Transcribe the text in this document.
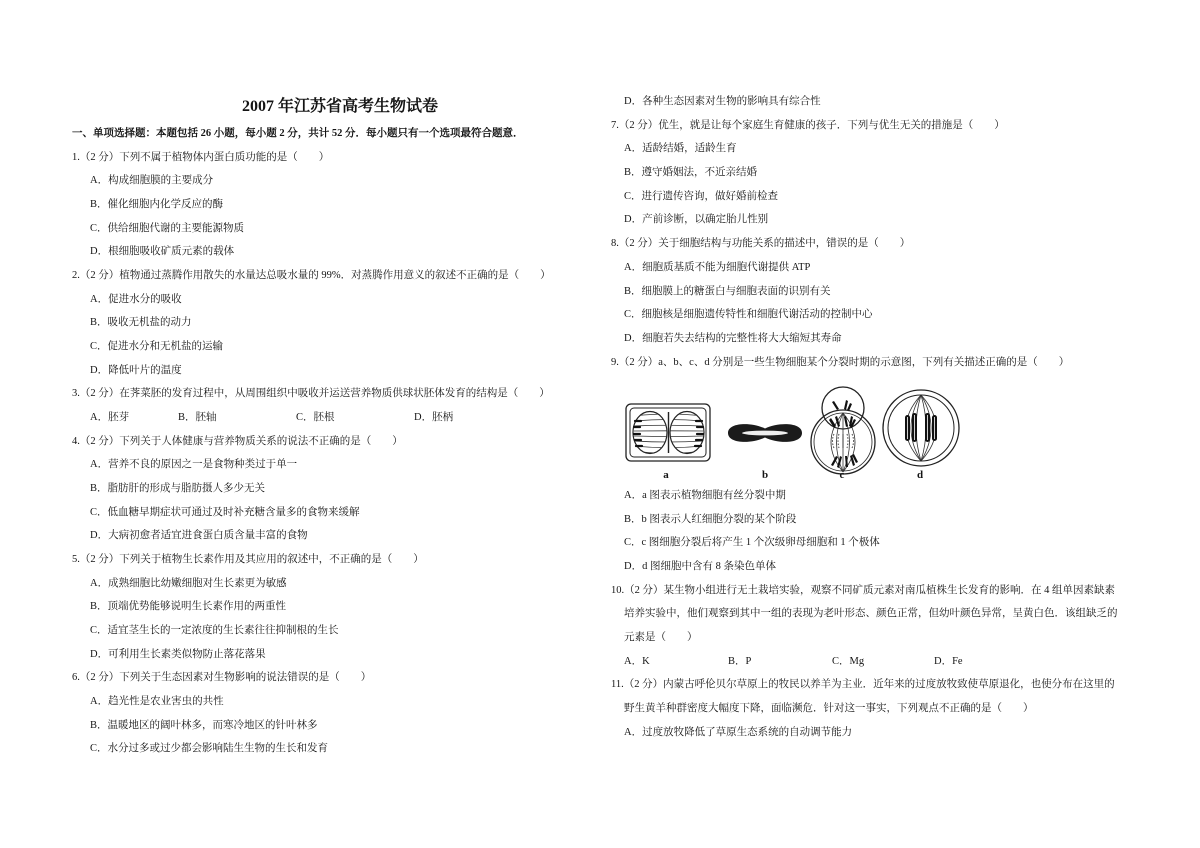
2007 年江苏省高考生物试卷
一、单项选择题：本题包括 26 小题，每小题 2 分，共计 52 分．每小题只有一个选项最符合题意．
1.（2 分）下列不属于植物体内蛋白质功能的是（　　）
A．构成细胞膜的主要成分
B．催化细胞内化学反应的酶
C．供给细胞代谢的主要能源物质
D．根细胞吸收矿质元素的载体
2.（2 分）植物通过蒸腾作用散失的水量达总吸水量的 99%．对蒸腾作用意义的叙述不正确的是（　　）
A．促进水分的吸收
B．吸收无机盐的动力
C．促进水分和无机盐的运输
D．降低叶片的温度
3.（2 分）在荠菜胚的发育过程中，从周围组织中吸收并运送营养物质供球状胚体发育的结构是（　　）
A．胚芽	B．胚轴	C．胚根	D．胚柄
4.（2 分）下列关于人体健康与营养物质关系的说法不正确的是（　　）
A．营养不良的原因之一是食物种类过于单一
B．脂肪肝的形成与脂肪摄人多少无关
C．低血糖早期症状可通过及时补充糖含量多的食物来缓解
D．大病初愈者适宜进食蛋白质含量丰富的食物
5.（2 分）下列关于植物生长素作用及其应用的叙述中，不正确的是（　　）
A．成熟细胞比幼嫩细胞对生长素更为敏感
B．顶端优势能够说明生长素作用的两重性
C．适宜茎生长的一定浓度的生长素往往抑制根的生长
D．可利用生长素类似物防止落花落果
6.（2 分）下列关于生态因素对生物影响的说法错误的是（　　）
A．趋光性是农业害虫的共性
B．温暖地区的阔叶林多，而寒冷地区的针叶林多
C．水分过多或过少都会影响陆生生物的生长和发育
D．各种生态因素对生物的影响具有综合性
7.（2 分）优生，就是让每个家庭生育健康的孩子．下列与优生无关的措施是（　　）
A．适龄结婚，适龄生育
B．遵守婚姻法，不近亲结婚
C．进行遗传咨询，做好婚前检查
D．产前诊断，以确定胎儿性别
8.（2 分）关于细胞结构与功能关系的描述中，错误的是（　　）
A．细胞质基质不能为细胞代谢提供 ATP
B．细胞膜上的糖蛋白与细胞表面的识别有关
C．细胞核是细胞遗传特性和细胞代谢活动的控制中心
D．细胞若失去结构的完整性将大大缩短其寿命
9.（2 分）a、b、c、d 分别是一些生物细胞某个分裂时期的示意图，下列有关描述正确的是（　　）
a	b	c	d
A．a 图表示植物细胞有丝分裂中期
B．b 图表示人红细胞分裂的某个阶段
C．c 图细胞分裂后将产生 1 个次级卵母细胞和 1 个极体
D．d 图细胞中含有 8 条染色单体
10.（2 分）某生物小组进行无土栽培实验，观察不同矿质元素对南瓜植株生长发育的影响．在 4 组单因素缺素
培养实验中，他们观察到其中一组的表现为老叶形态、颜色正常，但幼叶颜色异常，呈黄白色．该组缺乏的
元素是（　　）
A．K	B．P	C．Mg	D．Fe
11.（2 分）内蒙古呼伦贝尔草原上的牧民以养羊为主业．近年来的过度放牧致使草原退化，也使分布在这里的
野生黄羊种群密度大幅度下降，面临濒危．针对这一事实，下列观点不正确的是（　　）
A．过度放牧降低了草原生态系统的自动调节能力
